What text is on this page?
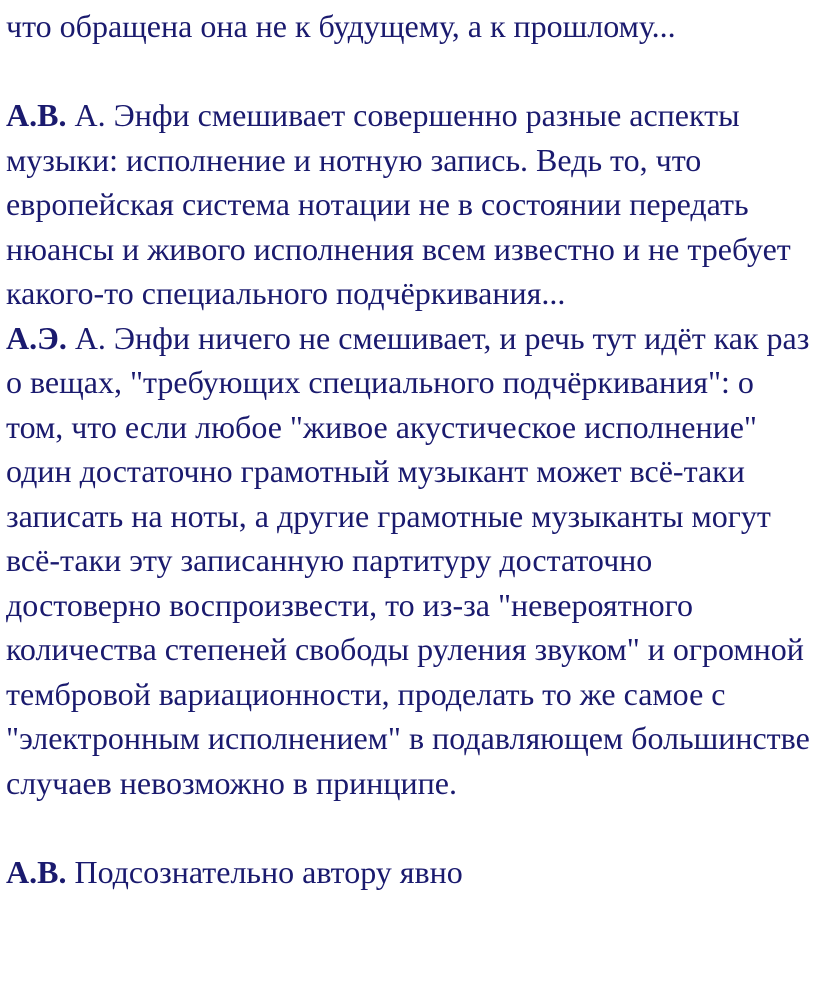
что обращена она не к будущему, а к прошлому...

А.В. А. Энфи смешивает совершенно разные аспекты музыки: исполнение и нотную запись. Ведь то, что европейская система нотации не в состоянии передать нюансы и живого исполнения всем известно и не требует какого-то специального подчёркивания...

А.Э. А. Энфи ничего не смешивает, и речь тут идёт как раз о вещах, "требующих специального подчёркивания": о том, что если любое "живое акустическое исполнение" один достаточно грамотный музыкант может всё-таки записать на ноты, а другие грамотные музыканты могут всё-таки эту записанную партитуру достаточно достоверно воспроизвести, то из-за "невероятного количества степеней свободы руления звуком" и огромной тембровой вариационности, проделать то же самое с "электронным исполнением" в подавляющем большинстве случаев невозможно в принципе.

А.В. Подсознательно автору явно
